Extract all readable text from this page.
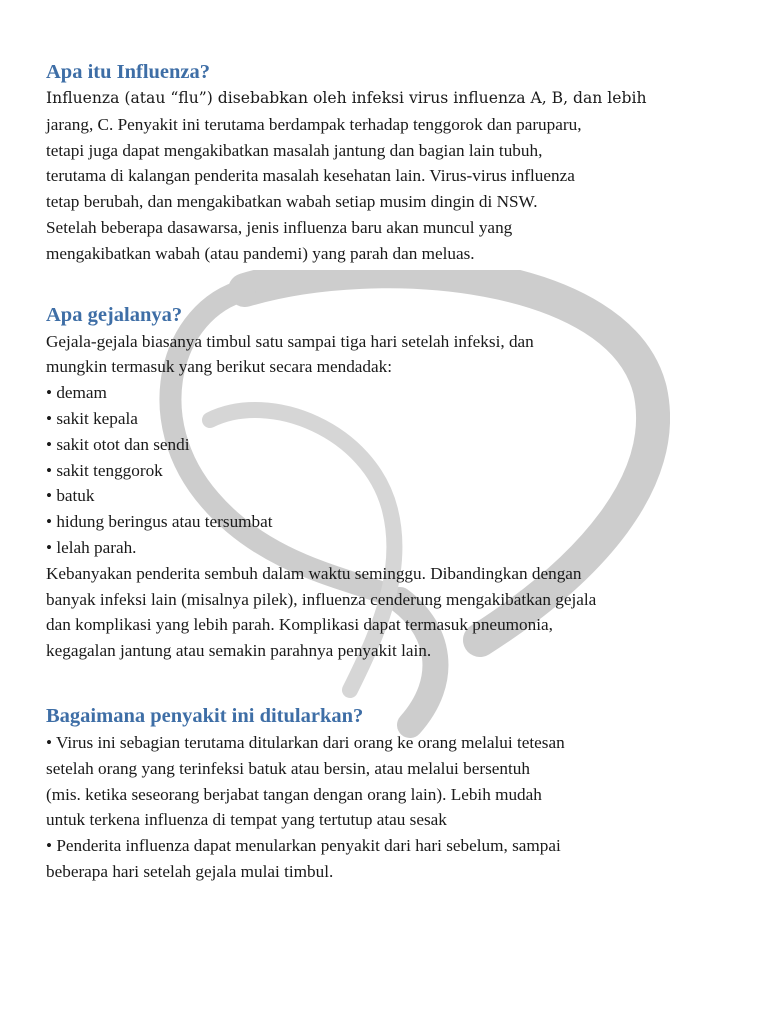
Apa itu Influenza?

Influenza (atau “flu”) disebabkan oleh infeksi virus influenza A, B, dan lebih
jarang, C. Penyakit ini terutama berdampak terhadap tenggorok dan paruparu,
tetapi juga dapat mengakibatkan masalah jantung dan bagian lain tubuh,
terutama di kalangan penderita masalah kesehatan lain. Virus-virus influenza
tetap berubah, dan mengakibatkan wabah setiap musim dingin di NSW.
Setelah beberapa dasawarsa, jenis influenza baru akan muncul yang
mengakibatkan wabah (atau pandemi) yang parah dan meluas.

Apa gejalanya?

Gejala-gejala biasanya timbul satu sampai tiga hari setelah infeksi, dan
mungkin termasuk yang berikut secara mendadak:
• demam
• sakit kepala
• sakit otot dan sendi
• sakit tenggorok
• batuk
• hidung beringus atau tersumbat
• lelah parah.
Kebanyakan penderita sembuh dalam waktu seminggu. Dibandingkan dengan
banyak infeksi lain (misalnya pilek), influenza cenderung mengakibatkan gejala
dan komplikasi yang lebih parah. Komplikasi dapat termasuk pneumonia,
kegagalan jantung atau semakin parahnya penyakit lain.

Bagaimana penyakit ini ditularkan?

• Virus ini sebagian terutama ditularkan dari orang ke orang melalui tetesan
setelah orang yang terinfeksi batuk atau bersin, atau melalui bersentuh
(mis. ketika seseorang berjabat tangan dengan orang lain). Lebih mudah
untuk terkena influenza di tempat yang tertutup atau sesak
• Penderita influenza dapat menularkan penyakit dari hari sebelum, sampai
beberapa hari setelah gejala mulai timbul.
